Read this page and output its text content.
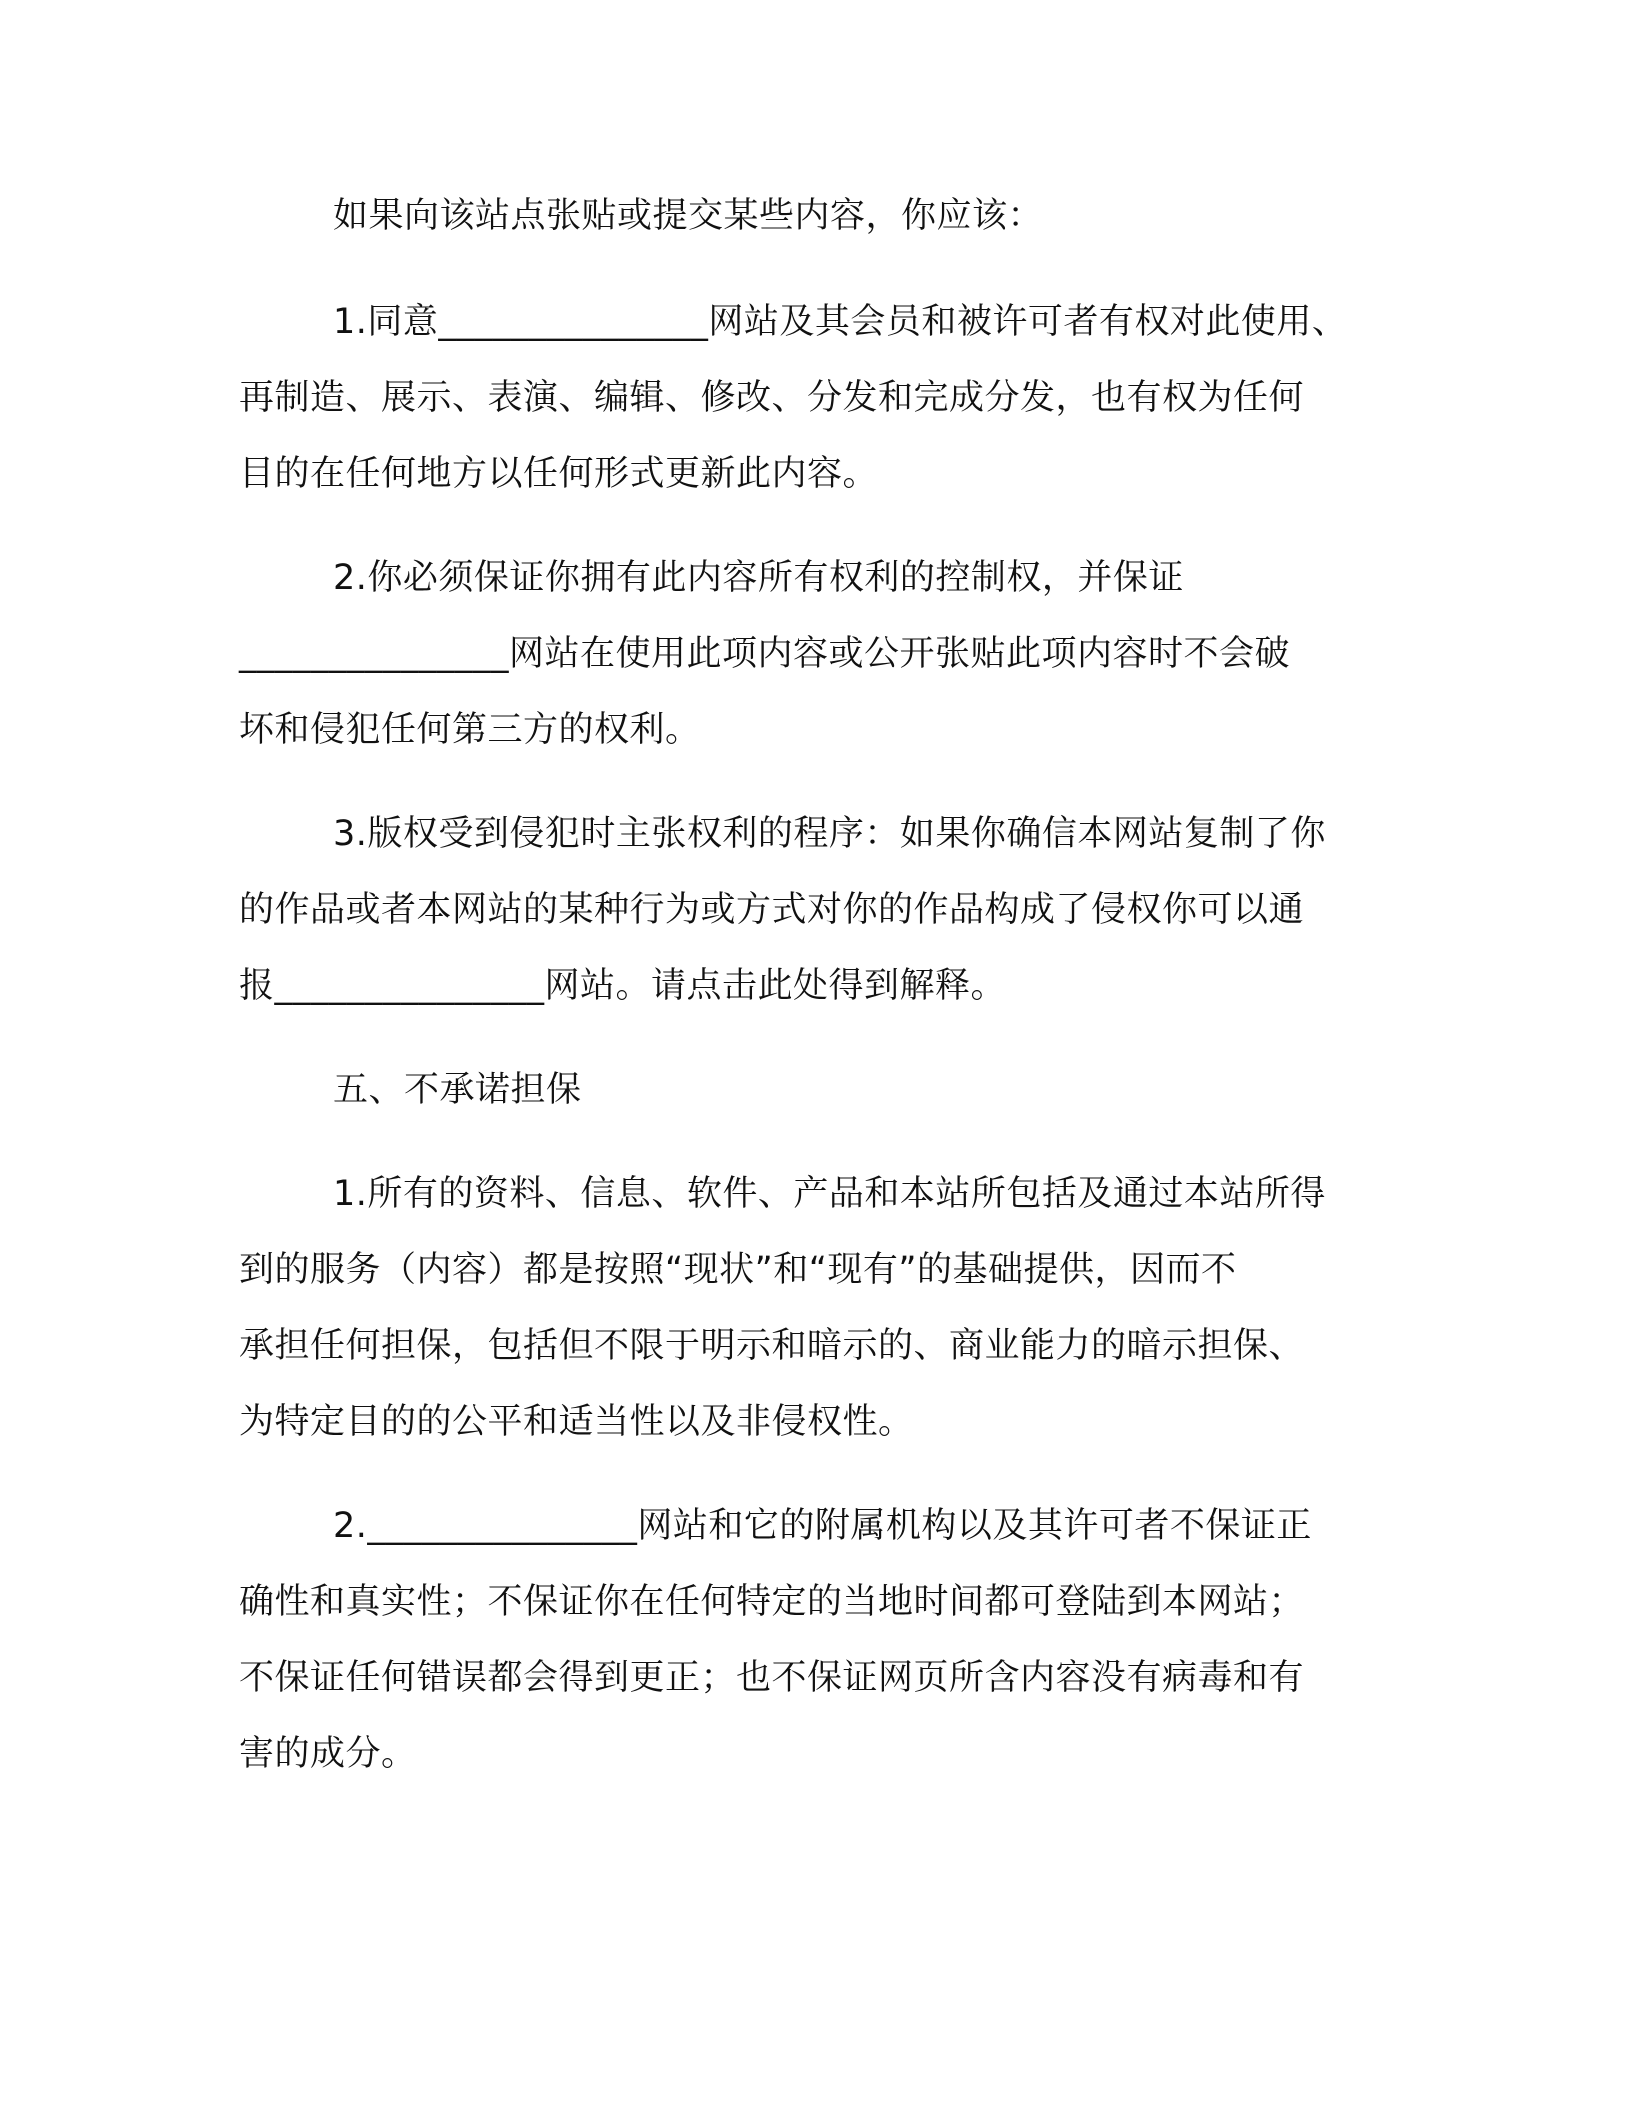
如果向该站点张贴或提交某些内容，你应该：
1.同意_______________网站及其会员和被许可者有权对此使用、
再制造、展示、表演、编辑、修改、分发和完成分发，也有权为任何
目的在任何地方以任何形式更新此内容。
2.你必须保证你拥有此内容所有权利的控制权，并保证
_______________网站在使用此项内容或公开张贴此项内容时不会破
坏和侵犯任何第三方的权利。
3.版权受到侵犯时主张权利的程序：如果你确信本网站复制了你
的作品或者本网站的某种行为或方式对你的作品构成了侵权你可以通
报_______________网站。请点击此处得到解释。
五、不承诺担保
1.所有的资料、信息、软件、产品和本站所包括及通过本站所得
到的服务（内容）都是按照“现状”和“现有”的基础提供，因而不
承担任何担保，包括但不限于明示和暗示的、商业能力的暗示担保、
为特定目的的公平和适当性以及非侵权性。
2._______________网站和它的附属机构以及其许可者不保证正
确性和真实性；不保证你在任何特定的当地时间都可登陆到本网站；
不保证任何错误都会得到更正；也不保证网页所含内容没有病毒和有
害的成分。
